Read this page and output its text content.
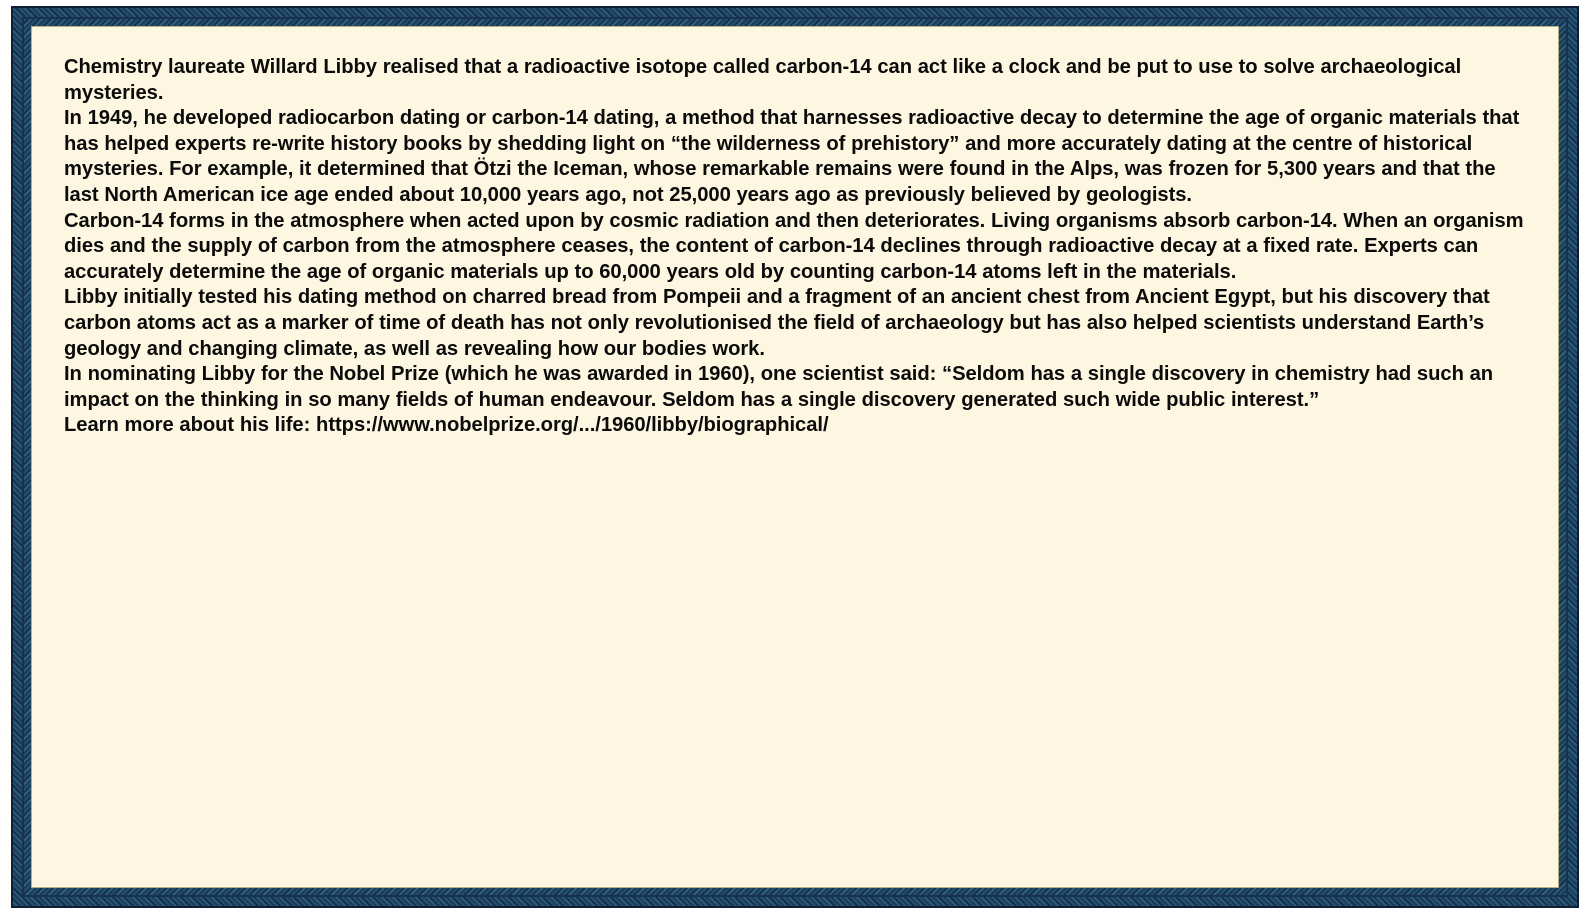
Chemistry laureate Willard Libby realised that a radioactive isotope called carbon-14 can act like a clock and be put to use to solve archaeological mysteries.

In 1949, he developed radiocarbon dating or carbon-14 dating, a method that harnesses radioactive decay to determine the age of organic materials that has helped experts re-write history books by shedding light on “the wilderness of prehistory” and more accurately dating at the centre of historical mysteries. For example, it determined that Ötzi the Iceman, whose remarkable remains were found in the Alps, was frozen for 5,300 years and that the last North American ice age ended about 10,000 years ago, not 25,000 years ago as previously believed by geologists.

Carbon-14 forms in the atmosphere when acted upon by cosmic radiation and then deteriorates. Living organisms absorb carbon-14. When an organism dies and the supply of carbon from the atmosphere ceases, the content of carbon-14 declines through radioactive decay at a fixed rate. Experts can accurately determine the age of organic materials up to 60,000 years old by counting carbon-14 atoms left in the materials.

Libby initially tested his dating method on charred bread from Pompeii and a fragment of an ancient chest from Ancient Egypt, but his discovery that carbon atoms act as a marker of time of death has not only revolutionised the field of archaeology but has also helped scientists understand Earth’s geology and changing climate, as well as revealing how our bodies work.

In nominating Libby for the Nobel Prize (which he was awarded in 1960), one scientist said: “Seldom has a single discovery in chemistry had such an impact on the thinking in so many fields of human endeavour. Seldom has a single discovery generated such wide public interest.”

Learn more about his life: https://www.nobelprize.org/.../1960/libby/biographical/
